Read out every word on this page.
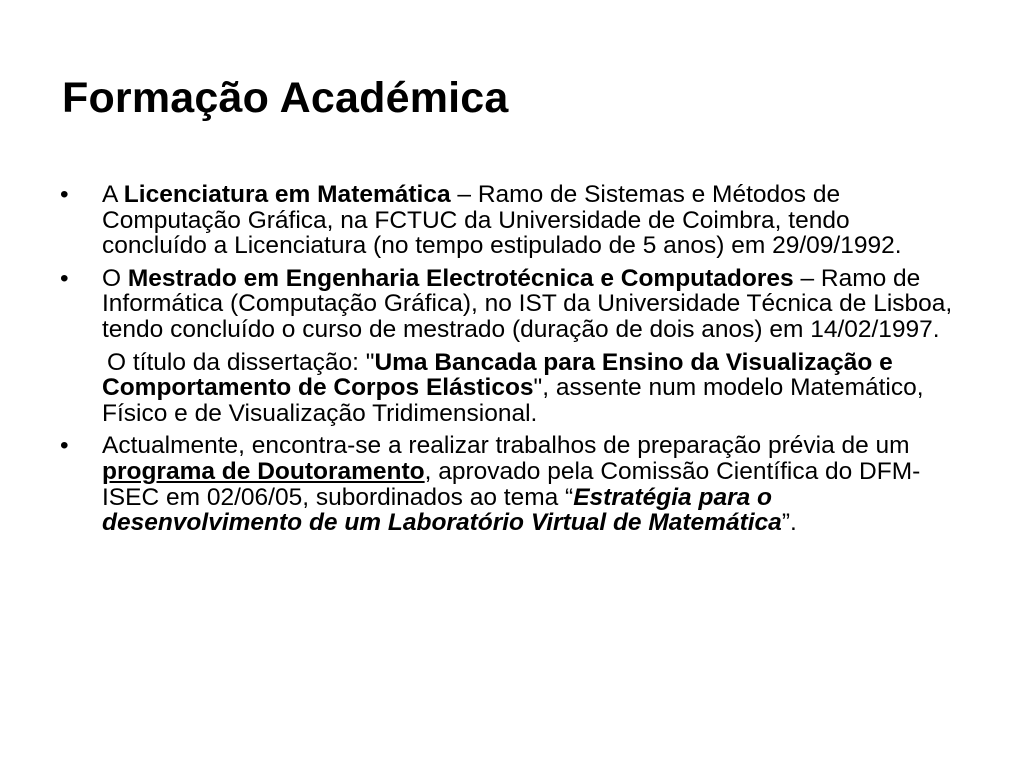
Formação Académica
•	A Licenciatura em Matemática – Ramo de Sistemas e Métodos de Computação Gráfica, na FCTUC da Universidade de Coimbra, tendo concluído a Licenciatura (no tempo estipulado de 5 anos) em 29/09/1992.
•	O Mestrado em Engenharia Electrotécnica e Computadores – Ramo de Informática (Computação Gráfica), no IST da Universidade Técnica de Lisboa, tendo concluído o curso de mestrado (duração de dois anos) em 14/02/1997.
O título da dissertação: "Uma Bancada para Ensino da Visualização e Comportamento de Corpos Elásticos", assente num modelo Matemático, Físico e de Visualização Tridimensional.
•	Actualmente, encontra-se a realizar trabalhos de preparação prévia de um programa de Doutoramento, aprovado pela Comissão Científica do DFM-ISEC em 02/06/05, subordinados ao tema “Estratégia para o desenvolvimento de um Laboratório Virtual de Matemática”.
